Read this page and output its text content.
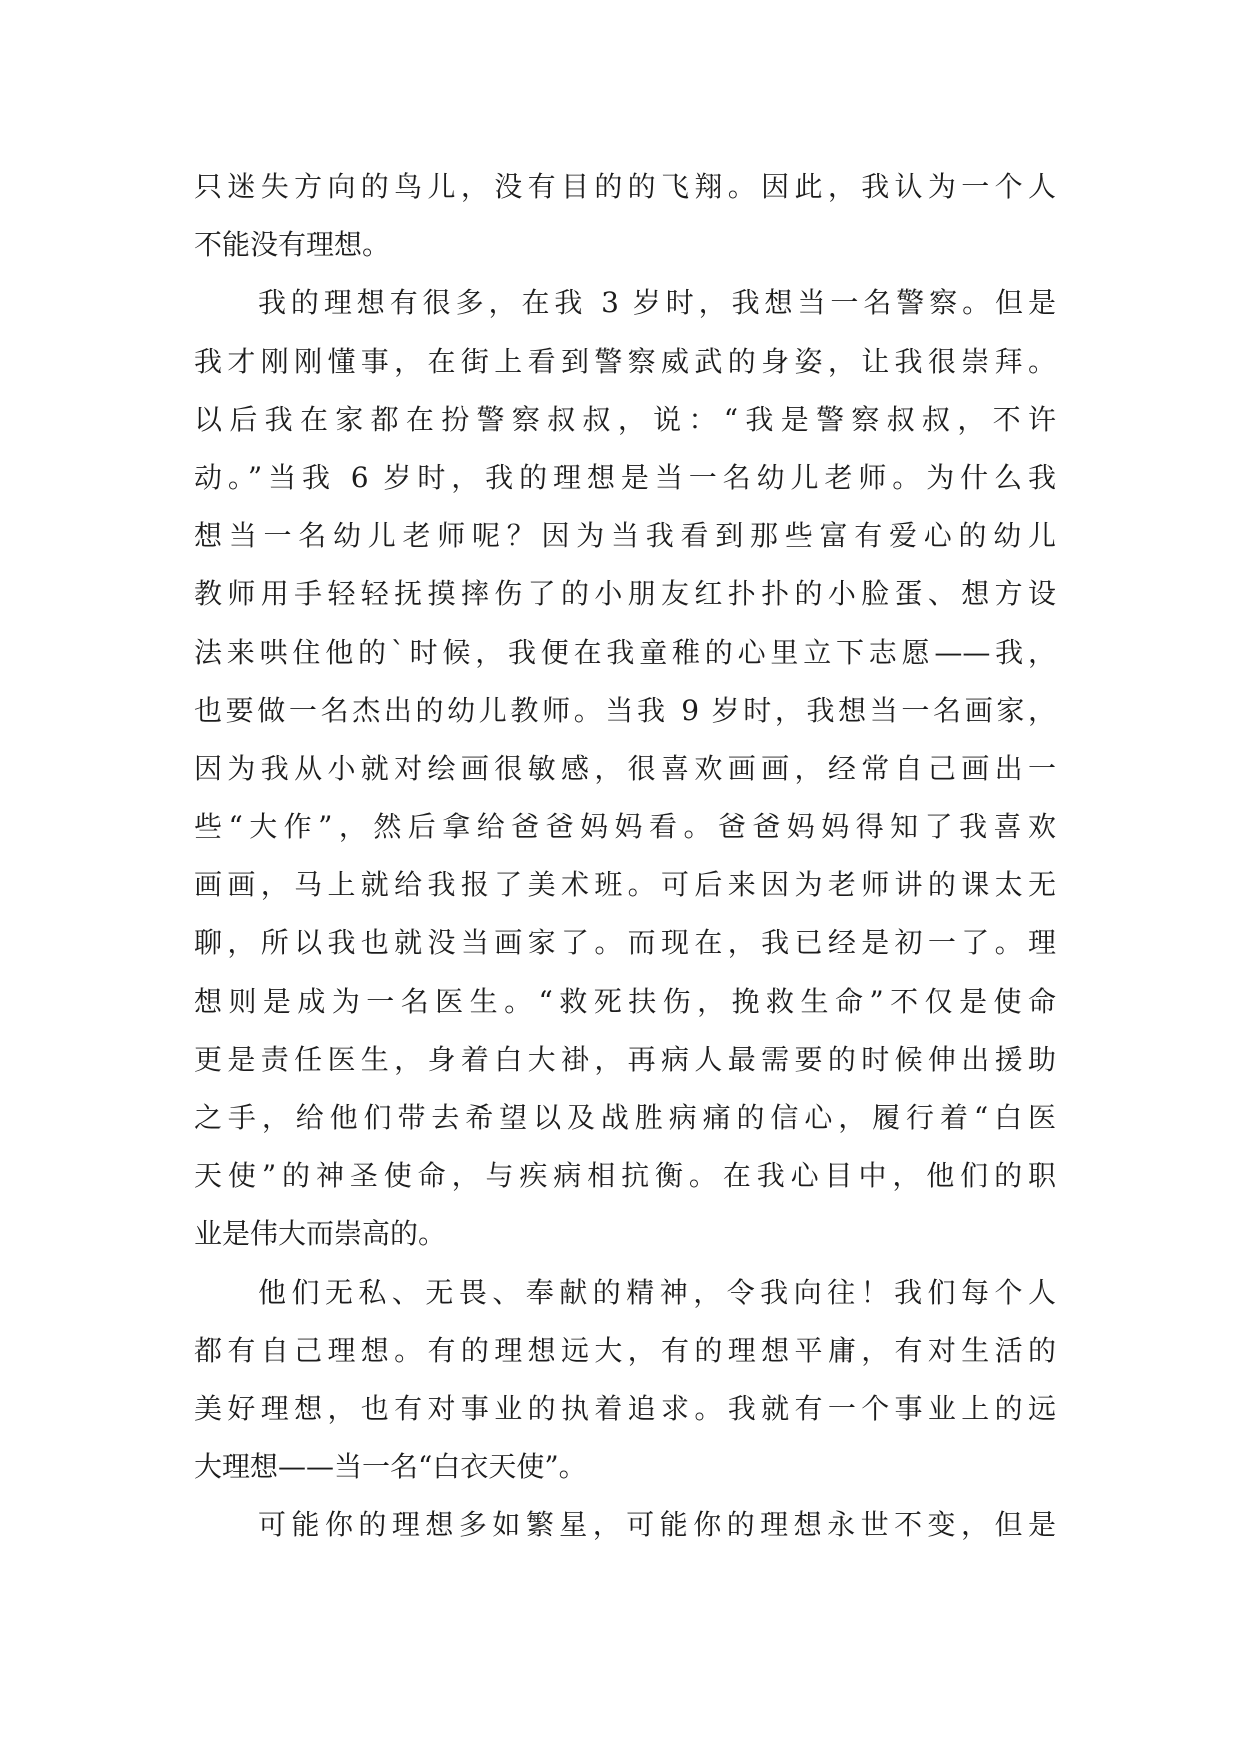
只迷失方向的鸟儿，没有目的的飞翔。因此，我认为一个人
不能没有理想。
我的理想有很多，在我 3 岁时，我想当一名警察。但是
我才刚刚懂事，在街上看到警察威武的身姿，让我很崇拜。
以后我在家都在扮警察叔叔，说：“我是警察叔叔，不许
动。”当我 6 岁时，我的理想是当一名幼儿老师。为什么我
想当一名幼儿老师呢？因为当我看到那些富有爱心的幼儿
教师用手轻轻抚摸摔伤了的小朋友红扑扑的小脸蛋、想方设
法来哄住他的`时候，我便在我童稚的心里立下志愿——我，
也要做一名杰出的幼儿教师。当我 9 岁时，我想当一名画家，
因为我从小就对绘画很敏感，很喜欢画画，经常自己画出一
些“大作”，然后拿给爸爸妈妈看。爸爸妈妈得知了我喜欢
画画，马上就给我报了美术班。可后来因为老师讲的课太无
聊，所以我也就没当画家了。而现在，我已经是初一了。理
想则是成为一名医生。“救死扶伤，挽救生命”不仅是使命
更是责任医生，身着白大褂，再病人最需要的时候伸出援助
之手，给他们带去希望以及战胜病痛的信心，履行着“白医
天使”的神圣使命，与疾病相抗衡。在我心目中，他们的职
业是伟大而崇高的。
他们无私、无畏、奉献的精神，令我向往！我们每个人
都有自己理想。有的理想远大，有的理想平庸，有对生活的
美好理想，也有对事业的执着追求。我就有一个事业上的远
大理想——当一名“白衣天使”。
可能你的理想多如繁星，可能你的理想永世不变，但是
